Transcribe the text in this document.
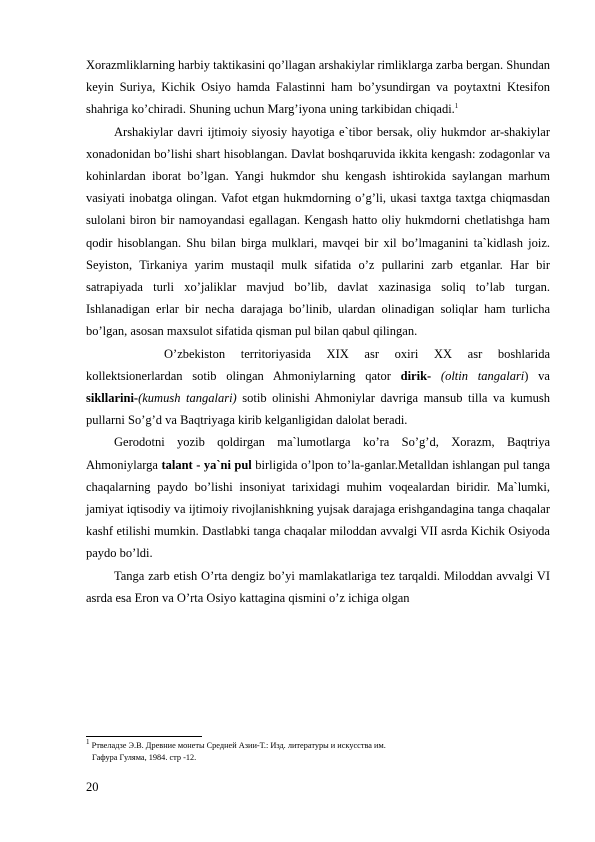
Xorazmliklarning harbiy taktikasini qo’llagan arshakiylar rimliklarga zarba bergan. Shundan keyin Suriya, Kichik Osiyo hamda Falastinni ham bo’ysundirgan va poytaxtni Ktesifon shahriga ko’chiradi. Shuning uchun Marg’iyona uning tarkibidan chiqadi.$^1$

Arshakiylar davri ijtimoiy siyosiy hayotiga e`tibor bersak, oliy hukmdor ar-shakiylar xonadonidan bo’lishi shart hisoblangan. Davlat boshqaruvida ikkita kengash: zodagonlar va kohinlardan iborat bo’lgan. Yangi hukmdor shu kengash ishtirokida saylangan marhum vasiyati inobatga olingan. Vafot etgan hukmdorning o’g’li, ukasi taxtga taxtga chiqmasdan sulolani biron bir namoyandasi egallagan. Kengash hatto oliy hukmdorni chetlatishga ham qodir hisoblangan. Shu bilan birga mulklari, mavqei bir xil bo’lmaganini ta`kidlash joiz. Seyiston, Tirkaniya yarim mustaqil mulk sifatida o’z pullarini zarb etganlar. Har bir satrapiyada turli xo’jaliklar mavjud bo’lib, davlat xazinasiga soliq to’lab turgan. Ishlanadigan erlar bir necha darajaga bo’linib, ulardan olinadigan soliqlar ham turlicha bo’lgan, asosan maxsulot sifatida qisman pul bilan qabul qilingan.

O’zbekiston territoriyasida XIX asr oxiri XX asr boshlarida kollektsionerlardan sotib olingan Ahmoniylarning qator dirik- (oltin tangalari) va sikllarini-(kumush tangalari) sotib olinishi Ahmoniylar davriga mansub tilla va kumush pullarni So’g’d va Baqtriyaga kirib kelganligidan dalolat beradi.

Gerodotni yozib qoldirgan ma`lumotlarga ko’ra So’g’d, Xorazm, Baqtriya Ahmoniylarga talant - ya`ni pul birligida o’lpon to’la-ganlar.Metalldan ishlangan pul tanga chaqalarning paydo bo’lishi insoniyat tarixidagi muhim voqealardan biridir. Ma`lumki, jamiyat iqtisodiy va ijtimoiy rivojlanishkning yujsak darajaga erishgandagina tanga chaqalar kashf etilishi mumkin. Dastlabki tanga chaqalar miloddan avvalgi VII asrda Kichik Osiyoda paydo bo’ldi.

Tanga zarb etish O’rta dengiz bo’yi mamlakatlariga tez tarqaldi. Miloddan avvalgi VI asrda esa Eron va O’rta Osiyo kattagina qismini o’z ichiga olgan

$^1$ Ртвеладзе Э.В. Древние монеты Средней Азии-Т.: Изд. литературы и искусства им.
Гафура Гуляма, 1984. стр -12.
20
